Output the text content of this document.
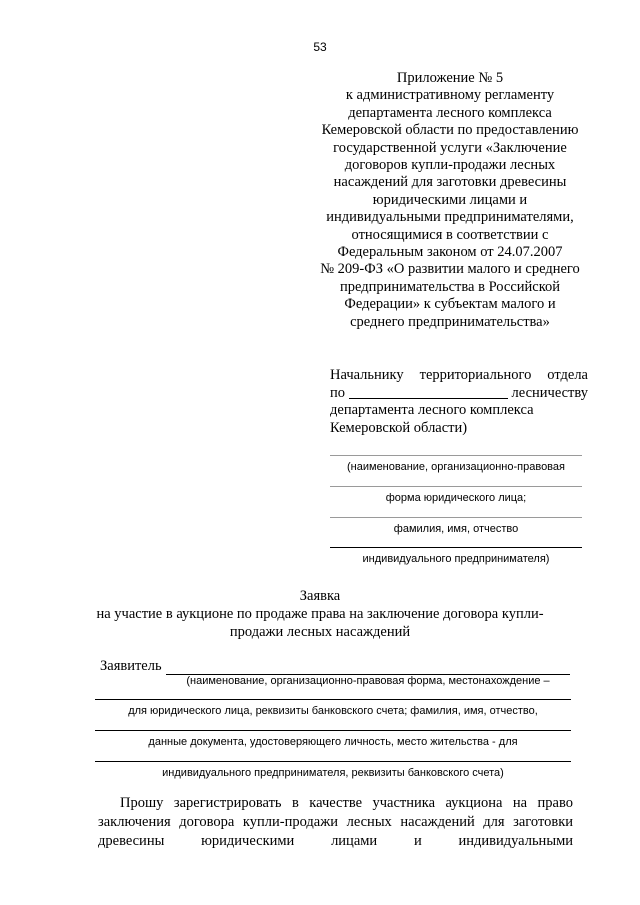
53
Приложение № 5
к административному регламенту
департамента лесного комплекса
Кемеровской области по предоставлению
государственной услуги «Заключение
договоров купли-продажи лесных
насаждений для заготовки древесины
юридическими лицами и
индивидуальными предпринимателями,
относящимися в соответствии с
Федеральным законом от 24.07.2007
№ 209-ФЗ «О развитии малого и среднего
предпринимательства в Российской
Федерации» к субъектам малого и
среднего предпринимательства»
Начальнику территориального отдела
по	лесничеству
департамента лесного комплекса
Кемеровской области)
(наименование, организационно-правовая
форма юридического лица;
фамилия, имя, отчество
индивидуального предпринимателя)
Заявка
на участие в аукционе по продаже права на заключение договора купли-
продажи лесных насаждений
Заявитель
(наименование, организационно-правовая форма, местонахождение –
для юридического лица, реквизиты банковского счета; фамилия, имя, отчество,
данные документа, удостоверяющего личность, место жительства - для
индивидуального предпринимателя, реквизиты банковского счета)

Прошу зарегистрировать в качестве участника аукциона на право

заключения договора купли-продажи лесных насаждений для заготовки

древесины юридическими лицами и индивидуальными
